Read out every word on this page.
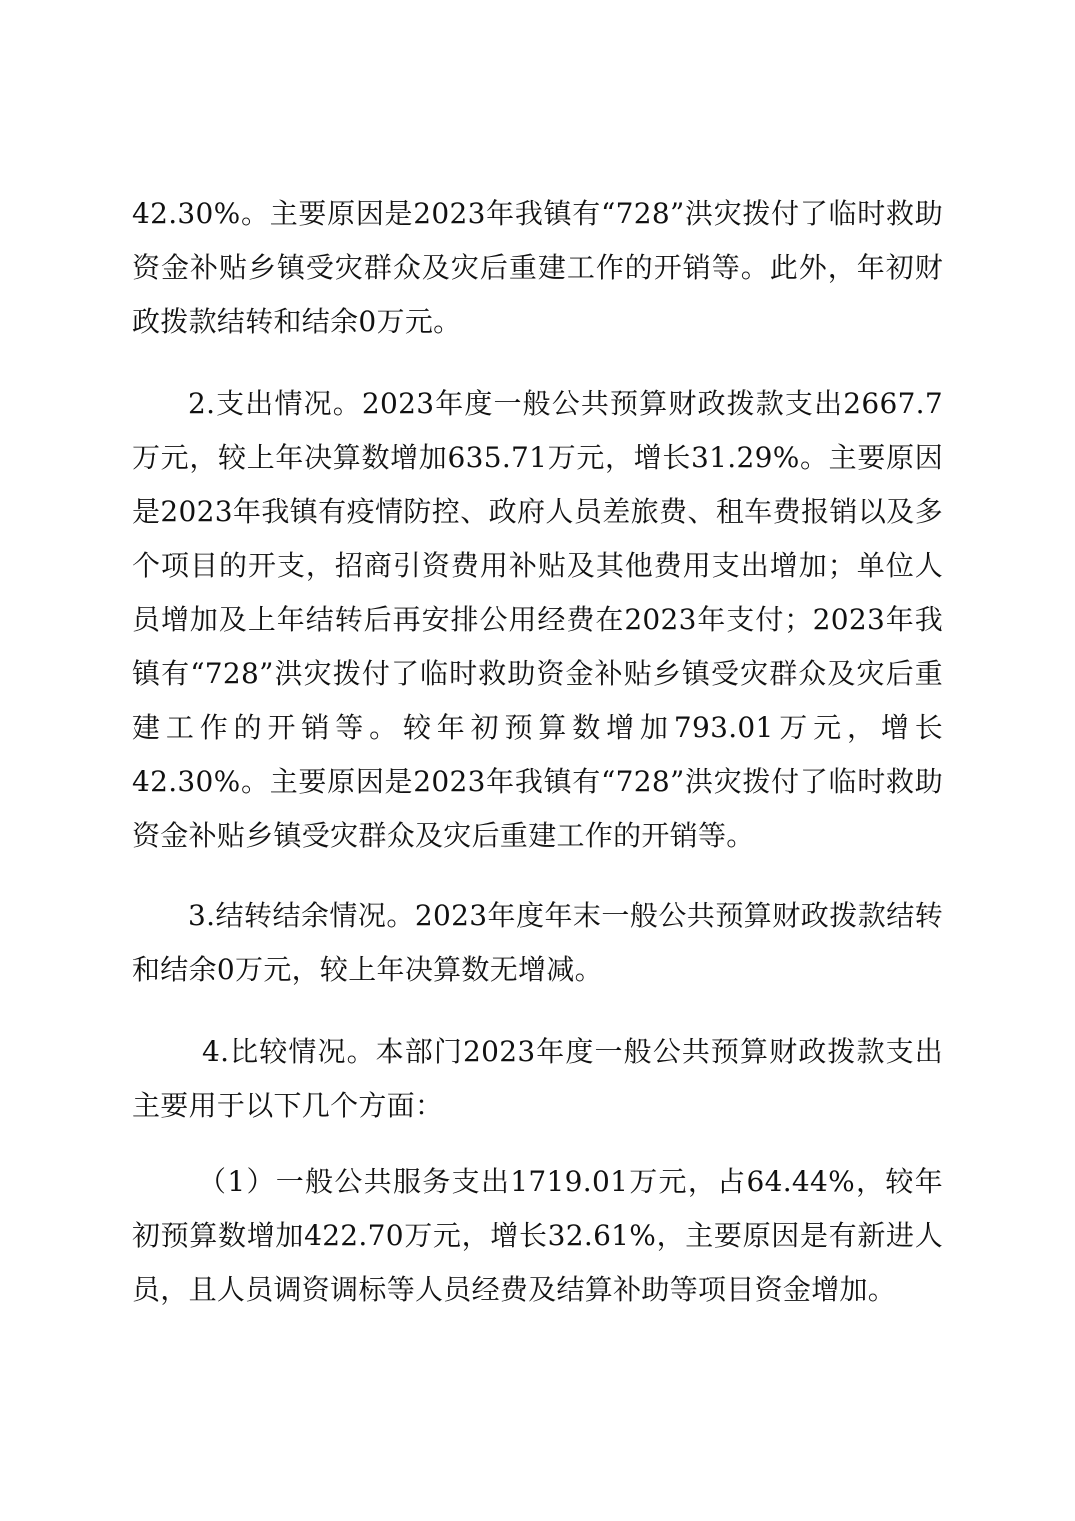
42.30%。主要原因是2023年我镇有“728”洪灾拨付了临时救助资金补贴乡镇受灾群众及灾后重建工作的开销等。此外，年初财政拨款结转和结余0万元。

2.支出情况。2023年度一般公共预算财政拨款支出2667.7万元，较上年决算数增加635.71万元，增长31.29%。主要原因是2023年我镇有疫情防控、政府人员差旅费、租车费报销以及多个项目的开支，招商引资费用补贴及其他费用支出增加；单位人员增加及上年结转后再安排公用经费在2023年支付；2023年我镇有“728”洪灾拨付了临时救助资金补贴乡镇受灾群众及灾后重建工作的开销等。较年初预算数增加793.01万元，增长42.30%。主要原因是2023年我镇有“728”洪灾拨付了临时救助资金补贴乡镇受灾群众及灾后重建工作的开销等。

3.结转结余情况。2023年度年末一般公共预算财政拨款结转和结余0万元，较上年决算数无增减。

4.比较情况。本部门2023年度一般公共预算财政拨款支出主要用于以下几个方面：

（1）一般公共服务支出1719.01万元，占64.44%，较年初预算数增加422.70万元，增长32.61%，主要原因是有新进人员，且人员调资调标等人员经费及结算补助等项目资金增加。
